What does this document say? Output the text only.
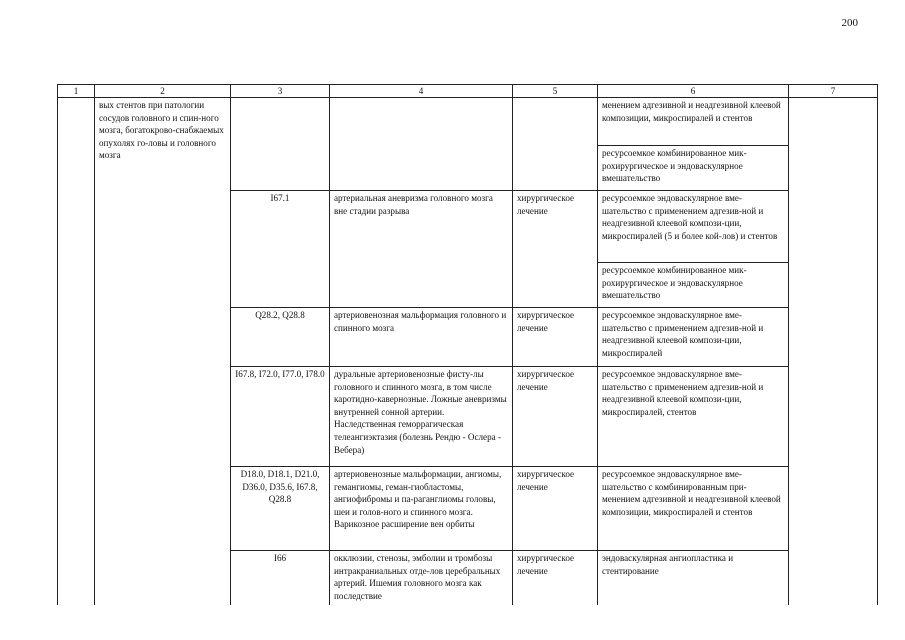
200
1	2	3	4	5	6	7

	вых стентов при патологии сосудов головного и спин-ного мозга, богатокрово-снабжаемых опухолях го-ловы и головного мозга				менением адгезивной и неадгезивной клеевой композиции, микроспиралей и стентов	

					ресурсоемкое комбинированное мик-рохирургическое и эндоваскулярное вмешательство	

		I67.1	артериальная аневризма головного мозга вне стадии разрыва	хирургическое лечение	ресурсоемкое эндоваскулярное вме-шательство с применением адгезив-ной и неадгезивной клеевой компози-ции, микроспиралей (5 и более кой-лов) и стентов	
					ресурсоемкое комбинированное мик-рохирургическое и эндоваскулярное вмешательство	
		Q28.2, Q28.8	артериовенозная мальформация головного и спинного мозга	хирургическое лечение	ресурсоемкое эндоваскулярное вме-шательство с применением адгезив-ной и неадгезивной клеевой компози-ции, микроспиралей	
		I67.8, I72.0, I77.0, I78.0	дуральные артериовенозные фисту-лы головного и спинного мозга, в том числе каротидно-кавернозные. Ложные аневризмы внутренней сонной артерии. Наследственная геморрагическая телеангиэктазия (болезнь Рендю - Ослера - Вебера)	хирургическое лечение	ресурсоемкое эндоваскулярное вме-шательство с применением адгезив-ной и неадгезивной клеевой компози-ции, микроспиралей, стентов	
		D18.0, D18.1, D21.0, D36.0, D35.6, I67.8, Q28.8	артериовенозные мальформации, ангиомы, гемангиомы, геман-гиобластомы, ангиофибромы и па-раганглиомы головы, шеи и голов-ного и спинного мозга. Варикозное расширение вен орбиты	хирургическое лечение	ресурсоемкое эндоваскулярное вме-шательство с комбинированным при-менением адгезивной и неадгезивной клеевой композиции, микроспиралей и стентов	
		I66	окклюзии, стенозы, эмболии и тромбозы интракраниальных отде-лов церебральных артерий. Ишемия головного мозга как последствие	хирургическое лечение	эндоваскулярная ангиопластика и стентирование	
